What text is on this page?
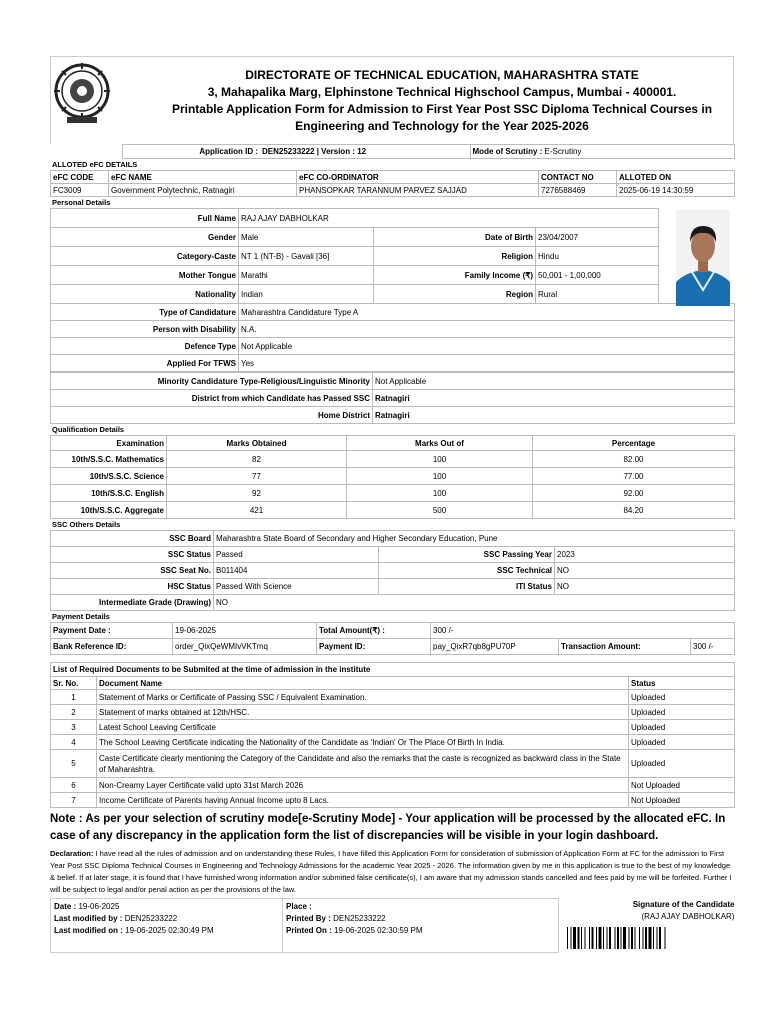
DIRECTORATE OF TECHNICAL EDUCATION, MAHARASHTRA STATE
3, Mahapalika Marg, Elphinstone Technical Highschool Campus, Mumbai - 400001.
Printable Application Form for Admission to First Year Post SSC Diploma Technical Courses in
Engineering and Technology for the Year 2025-2026
	Application ID :	DEN25233222 | Version : 12	Mode of Scrutiny : E-Scrutiny
ALLOTED eFC DETAILS
eFC CODE	eFC NAME	eFC CO-ORDINATOR	CONTACT NO	ALLOTED ON
FC3009	Government Polytechnic, Ratnagiri	PHANSOPKAR TARANNUM PARVEZ SAJJAD	7276588469	2025-06-19 14:30:59
Personal Details
Full Name	RAJ AJAY DABHOLKAR			
Gender	Male	Date of Birth	23/04/2007	
Category-Caste	NT 1 (NT-B) - Gavali [36]	Religion	Hindu	
Mother Tongue	Marathi	Family Income (₹)	50,001 - 1,00,000	
Nationality	Indian	Region	Rural	
Type of Candidature	Maharashtra Candidature Type A			
Person with Disability	N.A.			
Defence Type	Not Applicable			
Applied For TFWS	Yes			
Minority Candidature Type-Religious/Linguistic Minority	Not Applicable
District from which Candidate has Passed SSC	Ratnagiri
Home District	Ratnagiri
Qualification Details
Examination	Marks Obtained	Marks Out of	Percentage
10th/S.S.C. Mathematics	82	100	82.00
10th/S.S.C. Science	77	100	77.00
10th/S.S.C. English	92	100	92.00
10th/S.S.C. Aggregate	421	500	84.20
SSC Others Details
SSC Board	Maharashtra State Board of Secondary and Higher Secondary Education, Pune		
SSC Status	Passed	SSC Passing Year	2023
SSC Seat No.	B011404	SSC Technical	NO
HSC Status	Passed With Science	ITI Status	NO
Intermediate Grade (Drawing)	NO		
Payment Details
Payment Date :	19-06-2025	Total Amount(₹) :	300 /-		
Bank Reference ID:	order_QixQeWMIvVKTmq	Payment ID:	pay_QixR7qb8gPU70P	Transaction Amount:	300 /-
List of Required Documents to be Submited at the time of admission in the institute		
Sr. No.	Document Name	Status
1	Statement of Marks or Certificate of Passing SSC / Equivalent Examination.	Uploaded
2	Statement of marks obtained at 12th/HSC.	Uploaded
3	Latest School Leaving Certificate	Uploaded
4	The School Leaving Certificate indicating the Nationality of the Candidate as 'Indian' Or The Place Of Birth In India.	Uploaded
5	Caste Certificate clearly mentioning the Category of the Candidate and also the remarks that the caste is recognized as backward class in the State of Maharashtra.	Uploaded
6	Non-Creamy Layer Certificate valid upto 31st March 2026	Not Uploaded
7	Income Certificate of Parents having Annual Income upto 8 Lacs.	Not Uploaded
Note : As per your selection of scrutiny mode[e-Scrutiny Mode] - Your application will be processed by the allocated eFC. In case of any discrepancy in the application form the list of discrepancies will be visible in your login dashboard.
Declaration: I have read all the rules of admission and on understanding these Rules, I have filled this Application Form for consideration of submission of Application Form at FC for the admission to First Year Post SSC Diploma Technical Courses in Engineering and Technology Admissions for the academic Year 2025 - 2026. The information given by me in this application is true to the best of my knowledge & belief. If at later stage, it is found that I have furnished wrong information and/or submitted false certificate(s), I am aware that my admission stands cancelled and fees paid by me will be forfeited. Further I will be subject to legal and/or penal action as per the provisions of the law.
Date : 19-06-2025
Last modified by : DEN25233222
Last modified on : 19-06-2025 02:30:49 PM

Place :
Printed By : DEN25233222
Printed On : 19-06-2025 02:30:59 PM

Signature of the Candidate
(RAJ AJAY DABHOLKAR)
